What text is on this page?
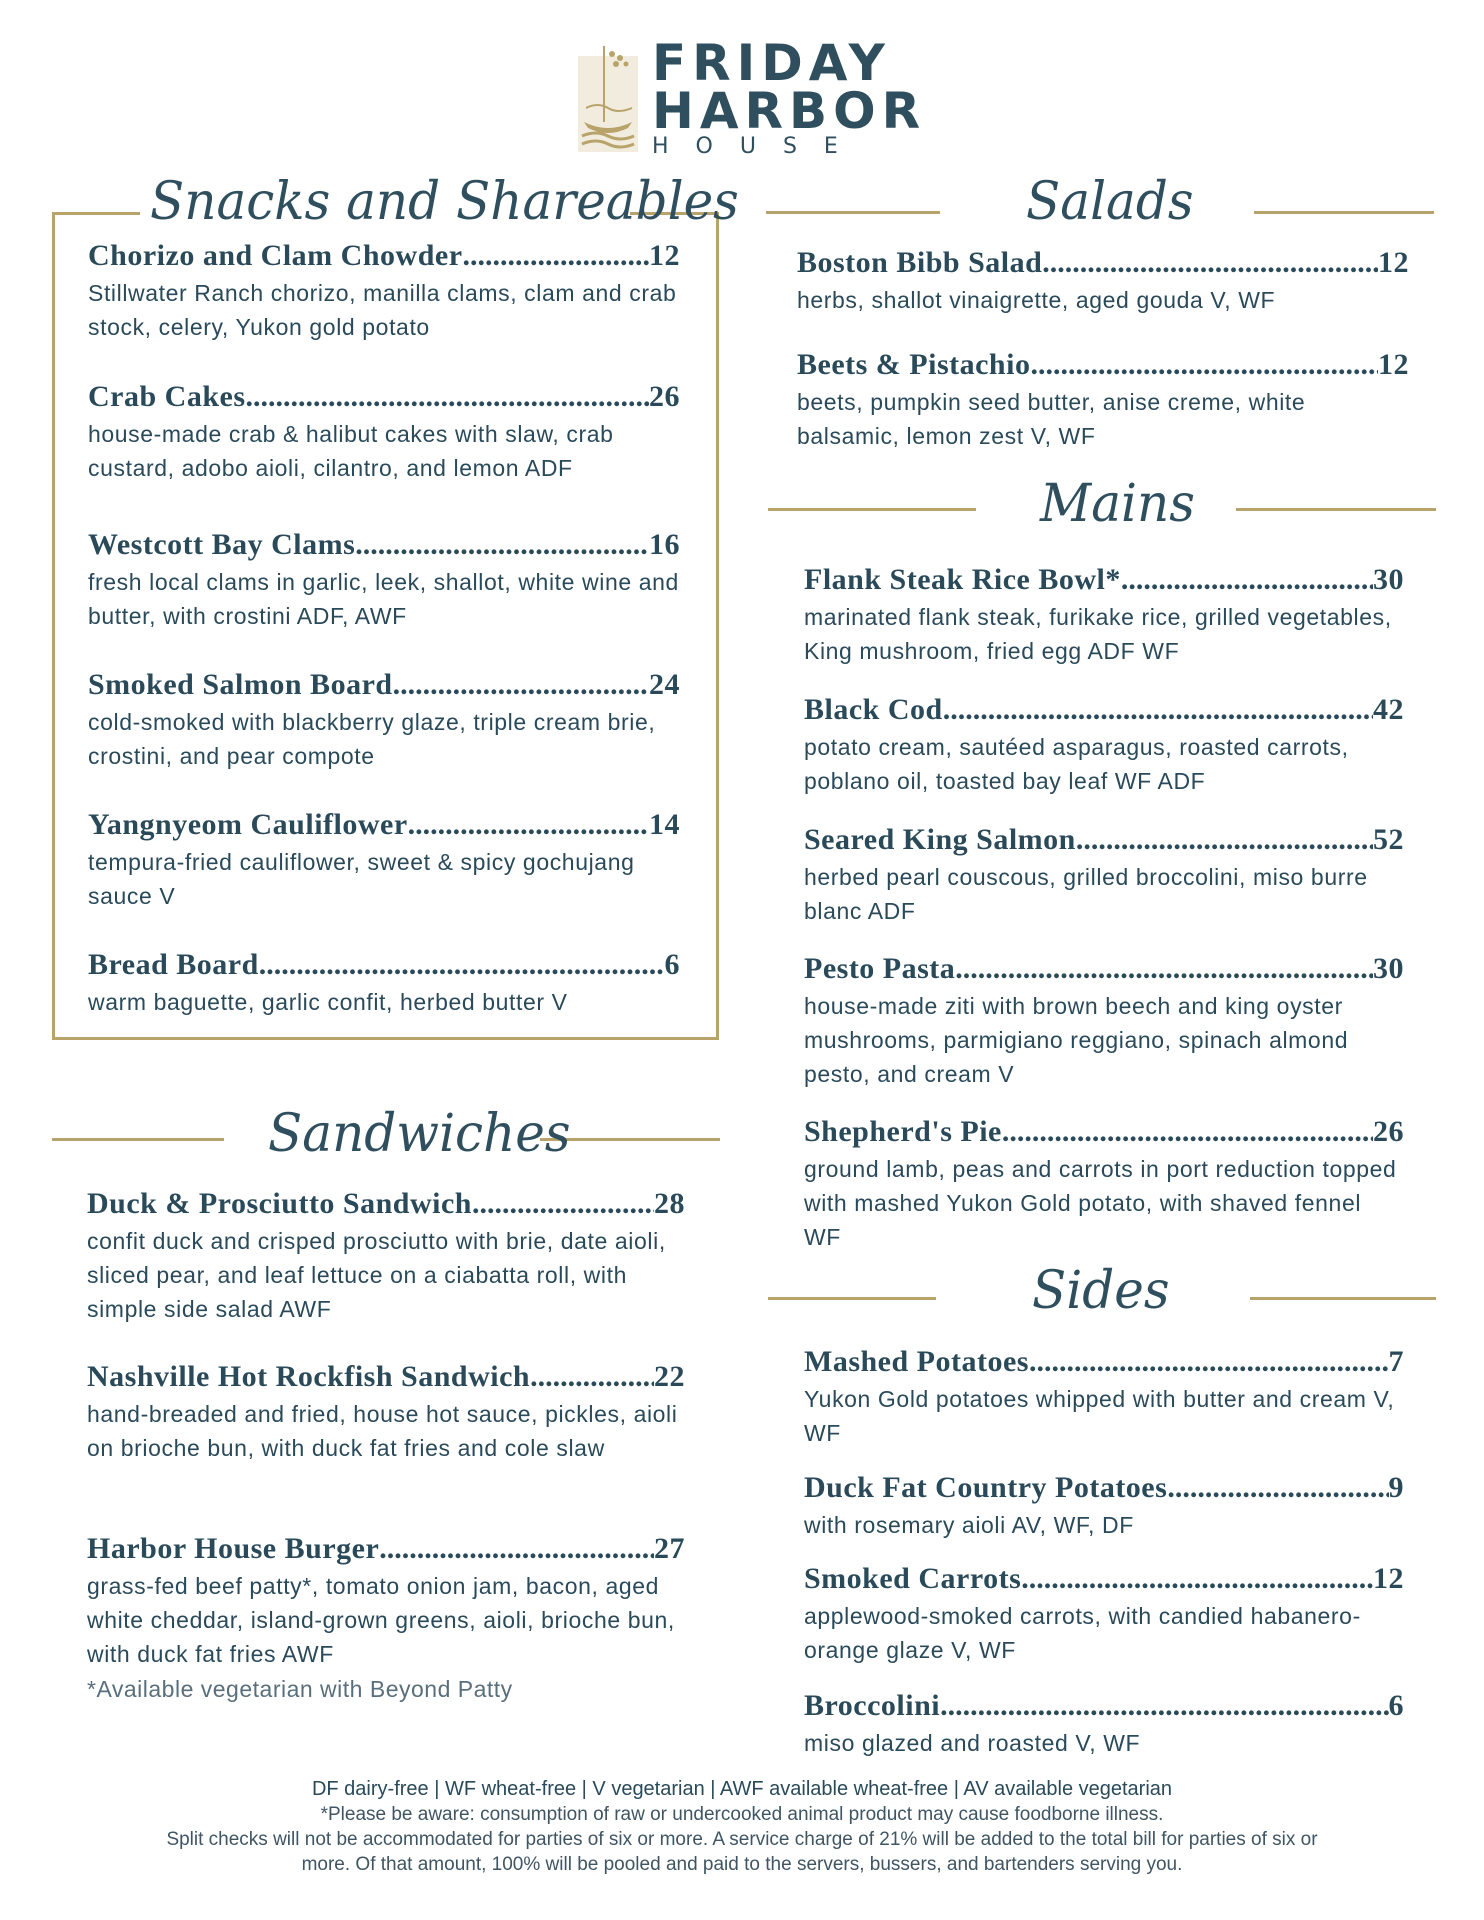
FRIDAY
HARBOR
HOUSE
Snacks and Shareables
Chorizo and Clam Chowder .....	12
Stillwater Ranch chorizo, manilla clams, clam and crab stock, celery, Yukon gold potato
Crab Cakes .....	26
house-made crab & halibut cakes with slaw, crab custard, adobo aioli, cilantro, and lemon ADF
Westcott Bay Clams .....	16
fresh local clams in garlic, leek, shallot, white wine and butter, with crostini ADF, AWF
Smoked Salmon Board .....	24
cold-smoked with blackberry glaze, triple cream brie, crostini, and pear compote
Yangnyeom Cauliflower .....	14
tempura-fried cauliflower, sweet & spicy gochujang sauce V
Bread Board .....	6
warm baguette, garlic confit, herbed butter V
Sandwiches
Duck & Prosciutto Sandwich .....	28
confit duck and crisped prosciutto with brie, date aioli, sliced pear, and leaf lettuce on a ciabatta roll, with simple side salad AWF
Nashville Hot Rockfish Sandwich .....	22
hand-breaded and fried, house hot sauce, pickles, aioli on brioche bun, with duck fat fries and cole slaw
Harbor House Burger .....	27
grass-fed beef patty*, tomato onion jam, bacon, aged white cheddar, island-grown greens, aioli, brioche bun, with duck fat fries AWF
*Available vegetarian with Beyond Patty
Salads
Boston Bibb Salad .....	12
herbs, shallot vinaigrette, aged gouda V, WF
Beets & Pistachio .....	12
beets, pumpkin seed butter, anise creme, white balsamic, lemon zest V, WF
Mains
Flank Steak Rice Bowl* .....	30
marinated flank steak, furikake rice, grilled vegetables, King mushroom, fried egg ADF WF
Black Cod .....	42
potato cream, sautéed asparagus, roasted carrots, poblano oil, toasted bay leaf WF ADF
Seared King Salmon .....	52
herbed pearl couscous, grilled broccolini, miso burre blanc ADF
Pesto Pasta .....	30
house-made ziti with brown beech and king oyster mushrooms, parmigiano reggiano, spinach almond pesto, and cream V
Shepherd's Pie .....	26
ground lamb, peas and carrots in port reduction topped with mashed Yukon Gold potato, with shaved fennel WF
Sides
Mashed Potatoes .....	7
Yukon Gold potatoes whipped with butter and cream V, WF
Duck Fat Country Potatoes .....	9
with rosemary aioli AV, WF, DF
Smoked Carrots .....	12
applewood-smoked carrots, with candied habanero-orange glaze V, WF
Broccolini .....	6
miso glazed and roasted V, WF
DF dairy-free | WF wheat-free | V vegetarian | AWF available wheat-free | AV available vegetarian
*Please be aware: consumption of raw or undercooked animal product may cause foodborne illness.
Split checks will not be accommodated for parties of six or more. A service charge of 21% will be added to the total bill for parties of six or
more. Of that amount, 100% will be pooled and paid to the servers, bussers, and bartenders serving you.
